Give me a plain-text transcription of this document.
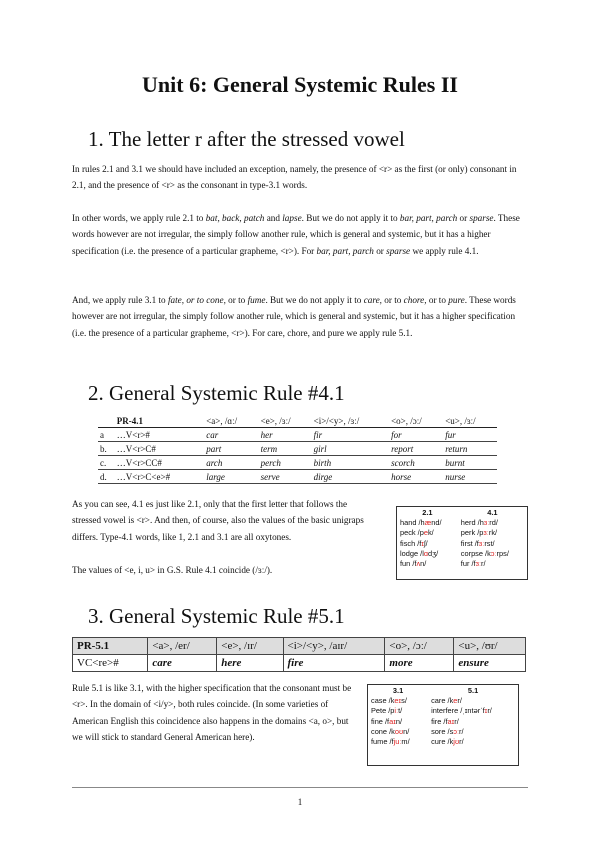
Unit 6: General Systemic Rules II
1. The letter r after the stressed vowel

In rules 2.1 and 3.1 we should have included an exception, namely, the presence of <r> as the first (or only) consonant in 2.1, and the presence of <r> as the consonant in type-3.1 words.

In other words, we apply rule 2.1 to bat, back, patch and lapse. But we do not apply it to bar, part, parch or sparse. These words however are not irregular, the simply follow another rule, which is general and systemic, but it has a higher specification (i.e. the presence of a particular grapheme, <r>). For bar, part, parch or sparse we apply rule 4.1.

And, we apply rule 3.1 to fate, or to cone, or to fume. But we do not apply it to care, or to chore, or to pure. These words however are not irregular, the simply follow another rule, which is general and systemic, but it has a higher specification (i.e. the presence of a particular grapheme, <r>). For care, chore, and pure we apply rule 5.1.

2. General Systemic Rule #4.1
	PR-4.1	<a>, /ɑː/	<e>, /ɜː/	<i>/<y>, /ɜː/	<o>, /ɔː/	<u>, /ɜː/
a	…V<r>#	car	her	fir	for	fur
b.	…V<r>C#	part	term	girl	report	return
c.	…V<r>CC#	arch	perch	birth	scorch	burnt
d.	…V<r>C<e>#	large	serve	dirge	horse	nurse

As you can see, 4.1 es just like 2.1, only that the first letter that follows the stressed vowel is <r>. And then, of course, also the values of the basic unigraps differs. Type-4.1 words, like 1, 2.1 and 3.1 are all oxytones.

The values of <e, i, u> in G.S. Rule 4.1 coincide (/ɜː/).

2.1	4.1
hand /hænd/	herd /hɜːrd/
peck /pek/	perk /pɜːrk/
fisch /fɪʃ/	first /fɜːrst/
lodge /lɑdʒ/	corpse /kɔːrps/
fun /fʌn/	fur /fɜːr/
3. General Systemic Rule #5.1
PR-5.1	<a>, /er/	<e>, /ɪr/	<i>/<y>, /aɪr/	<o>, /ɔː/	<u>, /ʊr/
VC<re>#	care	here	fire	more	ensure

Rule 5.1 is like 3.1, with the higher specification that the consonant must be <r>. In the domain of <i/y>, both rules coincide. (In some varieties of American English this coincidence also happens in the domains <a, o>, but we will stick to standard General American here).

3.1	5.1
case /keɪs/	care /ker/
Pete /piːt/	interfere /ˌɪntərˈfɪr/
fine /faɪn/	fire /faɪr/
cone /koʊn/	sore /sɔːr/
fume /fjuːm/	cure /kjʊr/
1
